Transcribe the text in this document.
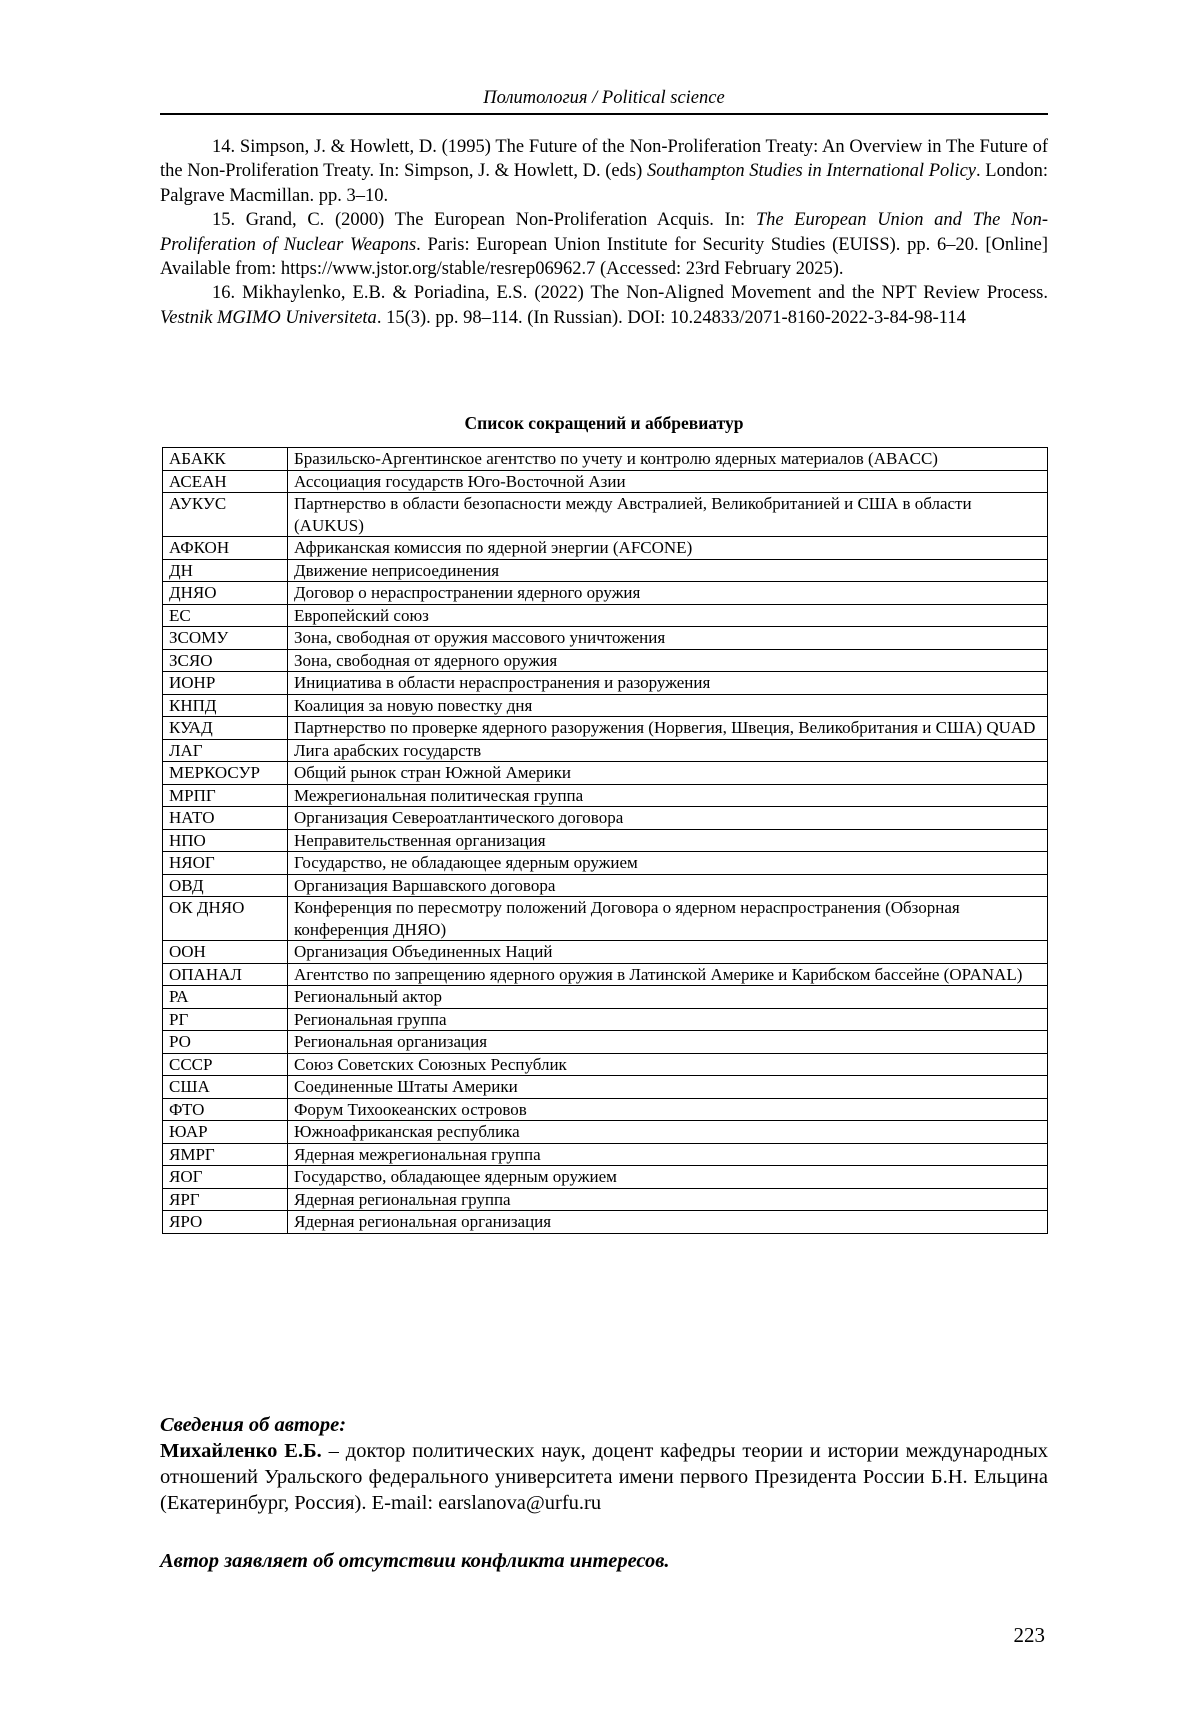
Политология / Political science

14. Simpson, J. & Howlett, D. (1995) The Future of the Non-Proliferation Treaty: An Overview in The Future of the Non-Proliferation Treaty. In: Simpson, J. & Howlett, D. (eds) Southampton Studies in International Policy. London: Palgrave Macmillan. pp. 3–10.

15. Grand, C. (2000) The European Non-Proliferation Acquis. In: The European Union and The Non-Proliferation of Nuclear Weapons. Paris: European Union Institute for Security Studies (EUISS). pp. 6–20. [Online] Available from: https://www.jstor.org/stable/resrep06962.7 (Accessed: 23rd February 2025).

16. Mikhaylenko, E.B. & Poriadina, E.S. (2022) The Non-Aligned Movement and the NPT Review Process. Vestnik MGIMO Universiteta. 15(3). pp. 98–114. (In Russian). DOI: 10.24833/2071-8160-2022-3-84-98-114

Список сокращений и аббревиатур
АБАКК	Бразильско-Аргентинское агентство по учету и контролю ядерных материалов (ABACC)
АСЕАН	Ассоциация государств Юго-Восточной Азии
АУКУС	Партнерство в области безопасности между Австралией, Великобританией и США в области (AUKUS)
АФКОН	Африканская комиссия по ядерной энергии (AFCONE)
ДН	Движение неприсоединения
ДНЯО	Договор о нераспространении ядерного оружия
ЕС	Европейский союз
ЗСОМУ	Зона, свободная от оружия массового уничтожения
ЗСЯО	Зона, свободная от ядерного оружия
ИОНР	Инициатива в области нераспространения и разоружения
КНПД	Коалиция за новую повестку дня
КУАД	Партнерство по проверке ядерного разоружения (Норвегия, Швеция, Великобритания и США) QUAD
ЛАГ	Лига арабских государств
МЕРКОСУР	Общий рынок стран Южной Америки
МРПГ	Межрегиональная политическая группа
НАТО	Организация Североатлантического договора
НПО	Неправительственная организация
НЯОГ	Государство, не обладающее ядерным оружием
ОВД	Организация Варшавского договора
ОК ДНЯО	Конференция по пересмотру положений Договора о ядерном нераспространения (Обзорная конференция ДНЯО)
ООН	Организация Объединенных Наций
ОПАНАЛ	Агентство по запрещению ядерного оружия в Латинской Америке и Карибском бассейне (OPANAL)
РА	Региональный актор
РГ	Региональная группа
РО	Региональная организация
СССР	Союз Советских Союзных Республик
США	Соединенные Штаты Америки
ФТО	Форум Тихоокеанских островов
ЮАР	Южноафриканская республика
ЯМРГ	Ядерная межрегиональная группа
ЯОГ	Государство, обладающее ядерным оружием
ЯРГ	Ядерная региональная группа
ЯРО	Ядерная региональная организация
Сведения об авторе:

Михайленко Е.Б. – доктор политических наук, доцент кафедры теории и истории международных отношений Уральского федерального университета имени первого Президента России Б.Н. Ельцина (Екатеринбург, Россия). E-mail: earslanova@urfu.ru

Автор заявляет об отсутствии конфликта интересов.
223
